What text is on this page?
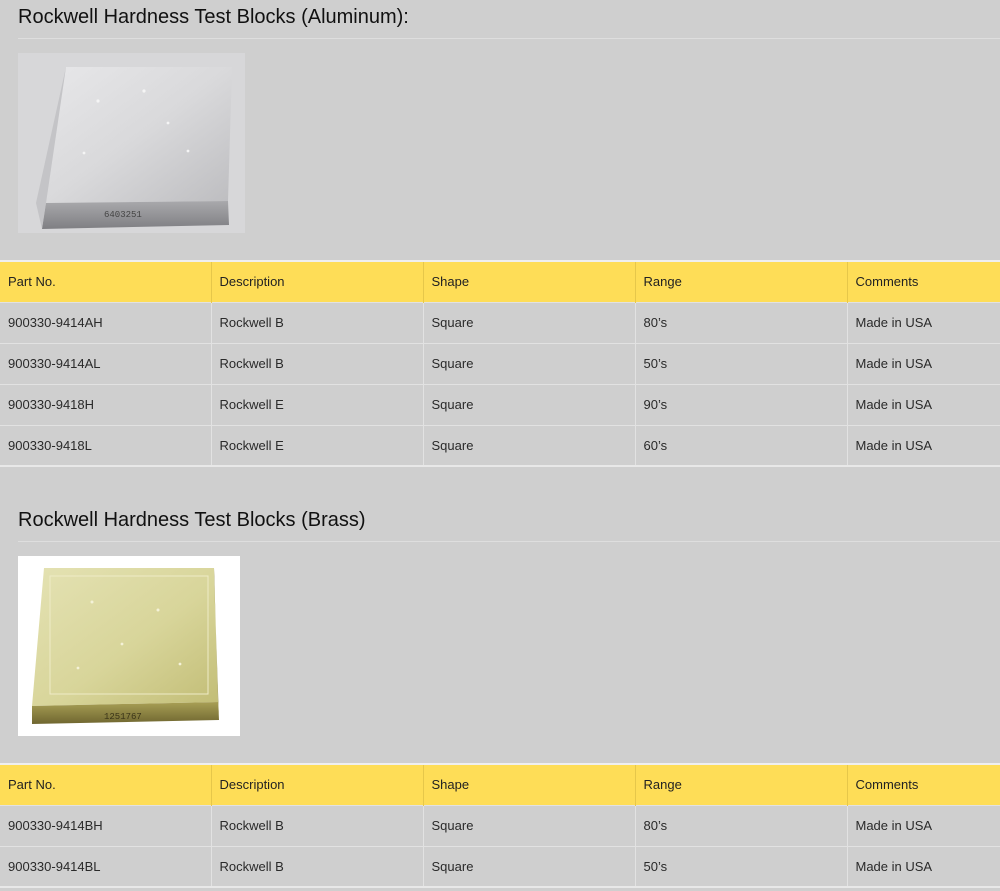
Rockwell Hardness Test Blocks (Aluminum):
6403251
Part No.	Description	Shape	Range	Comments
900330-9414AH	Rockwell B	Square	80’s	Made in USA
900330-9414AL	Rockwell B	Square	50’s	Made in USA
900330-9418H	Rockwell E	Square	90’s	Made in USA
900330-9418L	Rockwell E	Square	60’s	Made in USA
Rockwell Hardness Test Blocks (Brass)
1251767
Part No.	Description	Shape	Range	Comments
900330-9414BH	Rockwell B	Square	80’s	Made in USA
900330-9414BL	Rockwell B	Square	50’s	Made in USA
